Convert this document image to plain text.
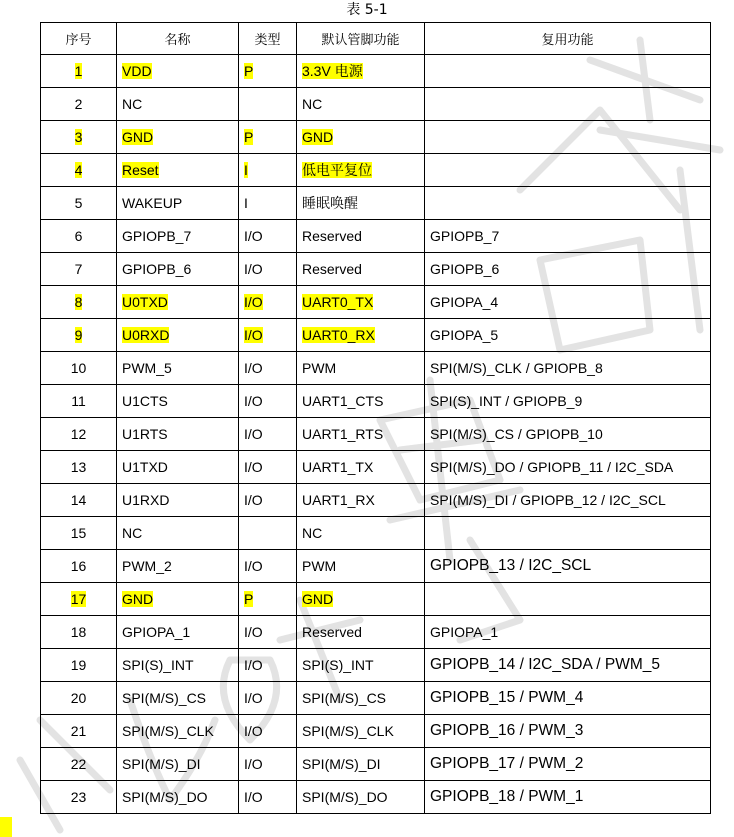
表 5-1
序号	名称	类型	默认管脚功能	复用功能
1	VDD	P	3.3V 电源	
2	NC		NC	
3	GND	P	GND	
4	Reset	I	低电平复位	
5	WAKEUP	I	睡眠唤醒	
6	GPIOPB_7	I/O	Reserved	GPIOPB_7
7	GPIOPB_6	I/O	Reserved	GPIOPB_6
8	U0TXD	I/O	UART0_TX	GPIOPA_4
9	U0RXD	I/O	UART0_RX	GPIOPA_5
10	PWM_5	I/O	PWM	SPI(M/S)_CLK / GPIOPB_8
11	U1CTS	I/O	UART1_CTS	SPI(S)_INT / GPIOPB_9
12	U1RTS	I/O	UART1_RTS	SPI(M/S)_CS / GPIOPB_10
13	U1TXD	I/O	UART1_TX	SPI(M/S)_DO / GPIOPB_11 / I2C_SDA
14	U1RXD	I/O	UART1_RX	SPI(M/S)_DI / GPIOPB_12 / I2C_SCL
15	NC		NC	
16	PWM_2	I/O	PWM	GPIOPB_13 / I2C_SCL
17	GND	P	GND	
18	GPIOPA_1	I/O	Reserved	GPIOPA_1
19	SPI(S)_INT	I/O	SPI(S)_INT	GPIOPB_14 / I2C_SDA / PWM_5
20	SPI(M/S)_CS	I/O	SPI(M/S)_CS	GPIOPB_15 / PWM_4
21	SPI(M/S)_CLK	I/O	SPI(M/S)_CLK	GPIOPB_16 / PWM_3
22	SPI(M/S)_DI	I/O	SPI(M/S)_DI	GPIOPB_17 / PWM_2
23	SPI(M/S)_DO	I/O	SPI(M/S)_DO	GPIOPB_18 / PWM_1
